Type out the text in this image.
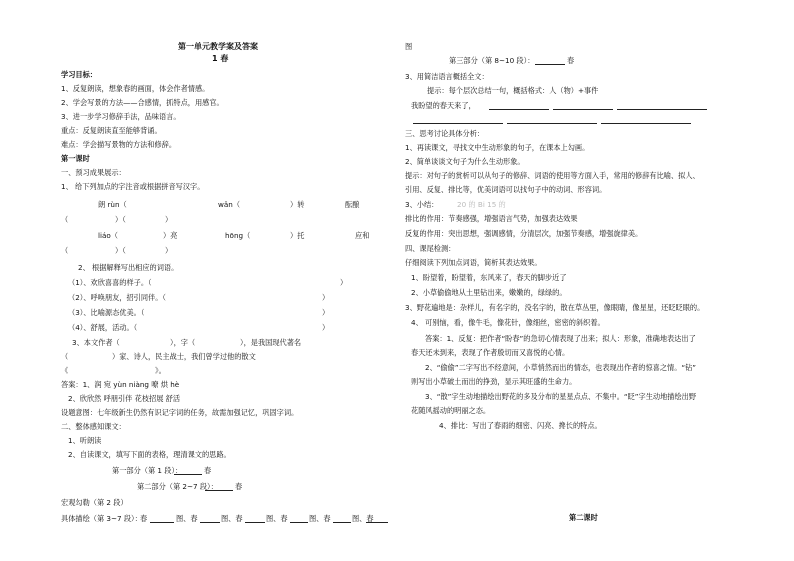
第一单元教学案及答案
1 春
学习目标：
1、反复朗读，想象春的画面，体会作者情感。
2、学会写景的方法——合感情，抓特点，用感官。
3、进一步学习修辞手法，品味语言。
重点：反复朗读直至能够背诵。
难点：学会描写景物的方法和修辞。
第一课时
一、预习成果展示：
1、 给下列加点的字注音或根据拼音写汉字。
朗 rùn（	wǎn（	）转	酝酿
（	）（	）
liáo（	）亮	hōng（	）托	应和
（	）（	）
2、 根据解释写出相应的词语。
（1）、欢欣喜喜的样子。（	）
（2）、呼唤朋友，招引同伴。（	）
（3）、比喻源态优美。（	）
（4）、舒展，活动。（	）
3、本文作者（	），字（	），是我国现代著名
（	）家、诗人，民主战士，我们曾学过他的散文
《	》。
答案：1、润 宛 yùn niàng 嘹 烘 hè
2、欣欣然 呼朋引伴 花枝招展 舒活
设题意图：七年级新生仍然有识记字词的任务，故需加强记忆，巩固字词。
二、整体感知课文：
1、听朗读
2、自读课文，填写下面的表格，理清课文的思路。
第一部分（第 1 段）：	春
第二部分（第 2~7 段）： 春
宏观勾勒（第 2 段）
具体描绘（第 3~7 段）：
春	图、春	图、春	图、春	图、春	图、春
图
第三部分（第 8~10 段）：	春
3、用简洁语言概括全文：
提示：每个层次总结一句，概括格式：人（物）+事件
我盼望的春天来了，
三、思考讨论具体分析：
1、再读课文，寻找文中生动形象的句子，在课本上勾画。
2、简单谈谈文句子为什么生动形象。
提示：对句子的赏析可以从句子的修辞、词语的使用等方面入手，常用的修辞有比喻、拟人、
引用、反复、排比等，优美词语可以找句子中的动词、形容词。
3、小结：	20 的 Bi 15 的
排比的作用：节奏感强，增强语言气势，加强表达效果
反复的作用：突出思想，强调感情，分清层次，加强节奏感，增强旋律美。
四、课尾检测：
仔细阅读下列加点词语，简析其表达效果。
1、盼望着，盼望着，东风来了，春天的脚步近了
2、小草偷偷地从土里钻出来，嫩嫩的，绿绿的。
3、野花遍地是：杂样儿，有名字的，没名字的，散在草丛里，像眼睛，像星星，还眨眨眼的。
4、 可别恼，看，像牛毛，像花针，像细丝，密密的斜织着。
答案：1、反复：把作者“盼春”的急切心情表现了出来；拟人：形象，准确地表达出了
春天还未到来，表现了作者殷切而又喜悦的心情。
2、“偷偷”二字写出不经意间，小草悄然而出的情态，也表现出作者的惊喜之情。“钻”
则写出小草破土而出的挣劲，显示其旺盛的生命力。
3、“散”字生动地描绘出野花的多及分布的星星点点、不集中。“眨”字生动地描绘出野
花随风摇动的明丽之态。
4、排比：写出了春雨的细密、闪亮、搀长的特点。
第二课时
